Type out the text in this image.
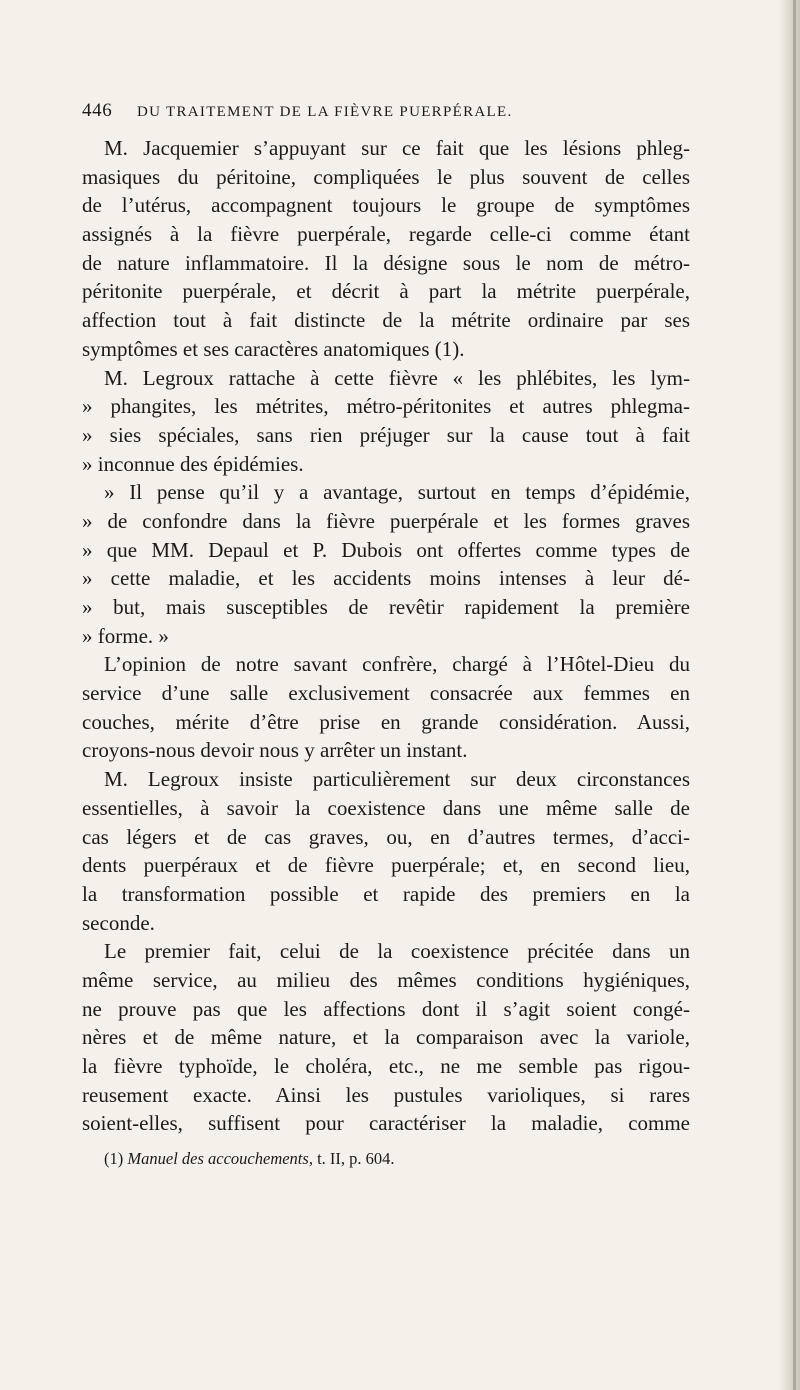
446 DU TRAITEMENT DE LA FIÈVRE PUERPÉRALE.
M. Jacquemier s’appuyant sur ce fait que les lésions phleg-
masiques du péritoine, compliquées le plus souvent de celles
de l’utérus, accompagnent toujours le groupe de symptômes
assignés à la fièvre puerpérale, regarde celle-ci comme étant
de nature inflammatoire. Il la désigne sous le nom de métro-
péritonite puerpérale, et décrit à part la métrite puerpérale,
affection tout à fait distincte de la métrite ordinaire par ses
symptômes et ses caractères anatomiques (1).
M. Legroux rattache à cette fièvre « les phlébites, les lym-
» phangites, les métrites, métro-péritonites et autres phlegma-
» sies spéciales, sans rien préjuger sur la cause tout à fait
» inconnue des épidémies.
» Il pense qu’il y a avantage, surtout en temps d’épidémie,
» de confondre dans la fièvre puerpérale et les formes graves
» que MM. Depaul et P. Dubois ont offertes comme types de
» cette maladie, et les accidents moins intenses à leur dé-
» but, mais susceptibles de revêtir rapidement la première
» forme. »
L’opinion de notre savant confrère, chargé à l’Hôtel-Dieu du
service d’une salle exclusivement consacrée aux femmes en
couches, mérite d’être prise en grande considération. Aussi,
croyons-nous devoir nous y arrêter un instant.
M. Legroux insiste particulièrement sur deux circonstances
essentielles, à savoir la coexistence dans une même salle de
cas légers et de cas graves, ou, en d’autres termes, d’acci-
dents puerpéraux et de fièvre puerpérale; et, en second lieu,
la transformation possible et rapide des premiers en la
seconde.
Le premier fait, celui de la coexistence précitée dans un
même service, au milieu des mêmes conditions hygiéniques,
ne prouve pas que les affections dont il s’agit soient congé-
nères et de même nature, et la comparaison avec la variole,
la fièvre typhoïde, le choléra, etc., ne me semble pas rigou-
reusement exacte. Ainsi les pustules varioliques, si rares
soient-elles, suffisent pour caractériser la maladie, comme
(1) Manuel des accouchements, t. II, p. 604.
